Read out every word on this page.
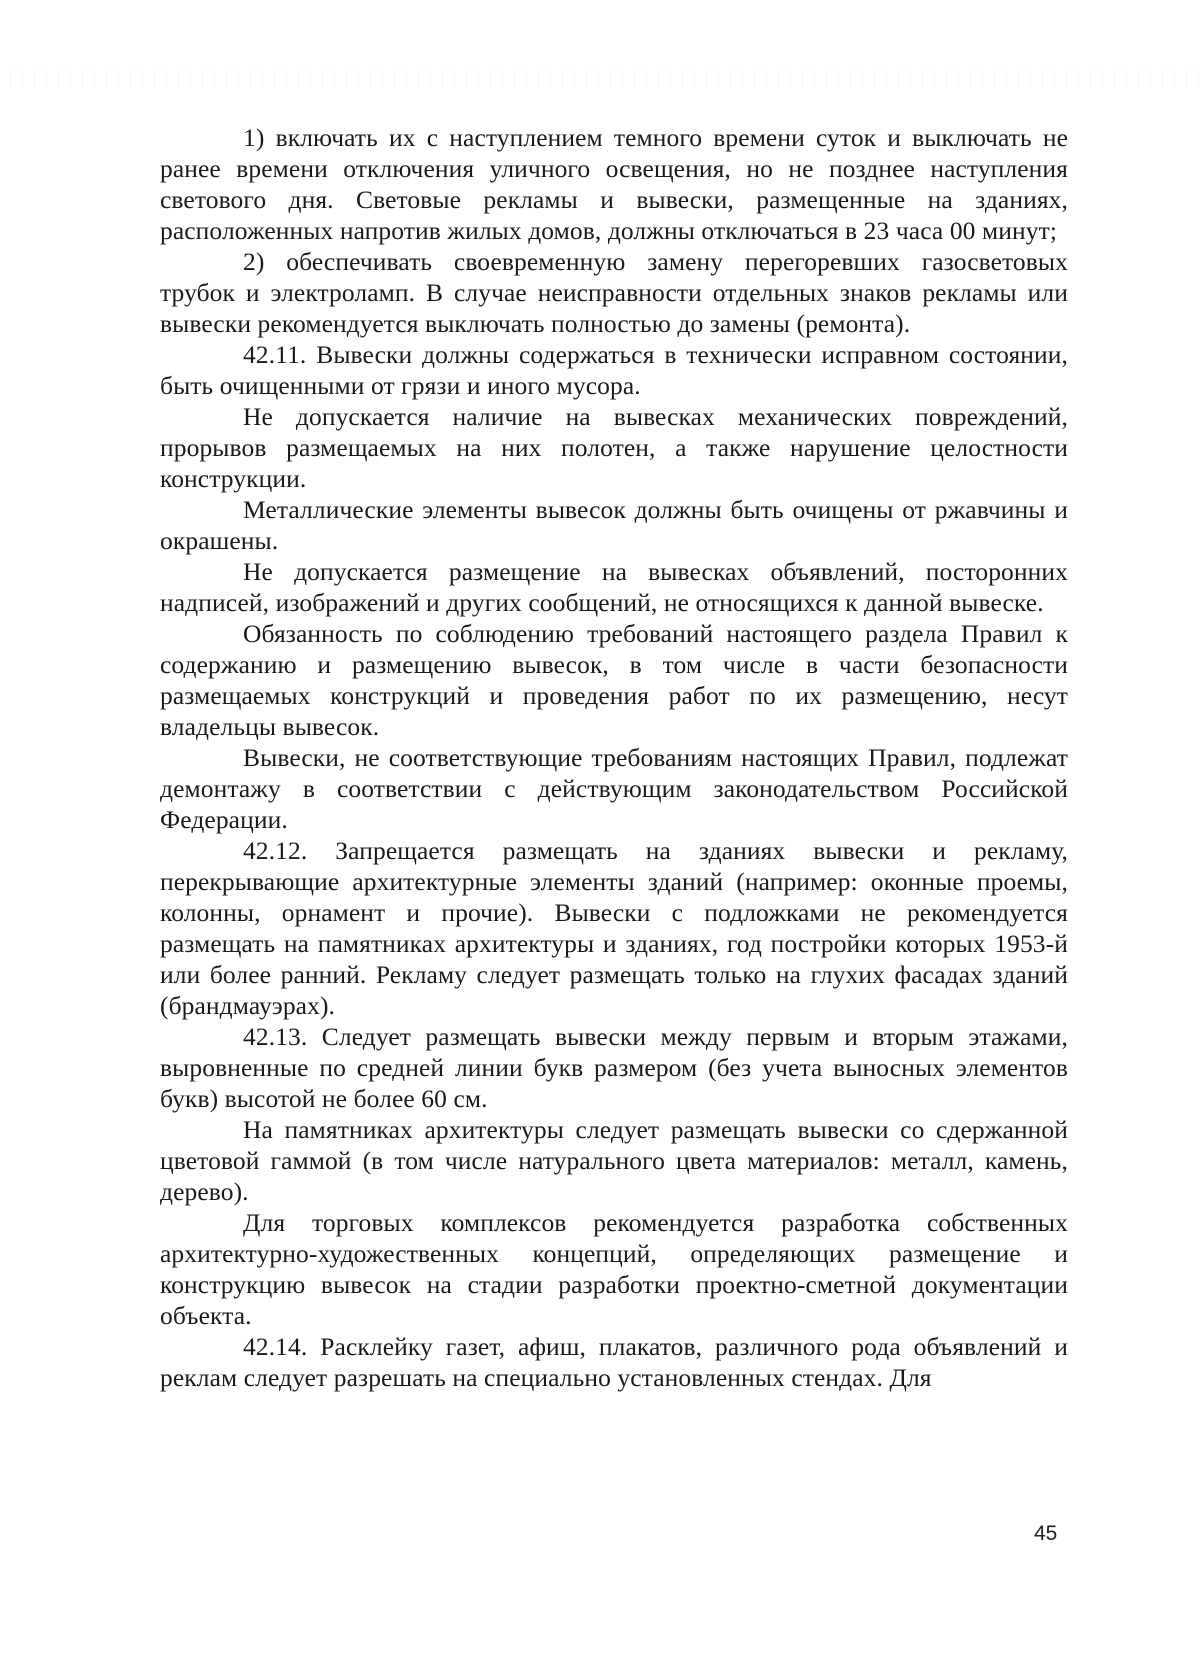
1) включать их с наступлением темного времени суток и выключать не ранее времени отключения уличного освещения, но не позднее наступления светового дня. Световые рекламы и вывески, размещенные на зданиях, расположенных напротив жилых домов, должны отключаться в 23 часа 00 минут;

2) обеспечивать своевременную замену перегоревших газосветовых трубок и электроламп. В случае неисправности отдельных знаков рекламы или вывески рекомендуется выключать полностью до замены (ремонта).

42.11. Вывески должны содержаться в технически исправном состоянии, быть очищенными от грязи и иного мусора.

Не допускается наличие на вывесках механических повреждений, прорывов размещаемых на них полотен, а также нарушение целостности конструкции.

Металлические элементы вывесок должны быть очищены от ржавчины и окрашены.

Не допускается размещение на вывесках объявлений, посторонних надписей, изображений и других сообщений, не относящихся к данной вывеске.

Обязанность по соблюдению требований настоящего раздела Правил к содержанию и размещению вывесок, в том числе в части безопасности размещаемых конструкций и проведения работ по их размещению, несут владельцы вывесок.

Вывески, не соответствующие требованиям настоящих Правил, подлежат демонтажу в соответствии с действующим законодательством Российской Федерации.

42.12. Запрещается размещать на зданиях вывески и рекламу, перекрывающие архитектурные элементы зданий (например: оконные проемы, колонны, орнамент и прочие). Вывески с подложками не рекомендуется размещать на памятниках архитектуры и зданиях, год постройки которых 1953-й или более ранний. Рекламу следует размещать только на глухих фасадах зданий (брандмауэрах).

42.13. Следует размещать вывески между первым и вторым этажами, выровненные по средней линии букв размером (без учета выносных элементов букв) высотой не более 60 см.

На памятниках архитектуры следует размещать вывески со сдержанной цветовой гаммой (в том числе натурального цвета материалов: металл, камень, дерево).

Для торговых комплексов рекомендуется разработка собственных архитектурно-художественных концепций, определяющих размещение и конструкцию вывесок на стадии разработки проектно-сметной документации объекта.

42.14. Расклейку газет, афиш, плакатов, различного рода объявлений и реклам следует разрешать на специально установленных стендах. Для

45
